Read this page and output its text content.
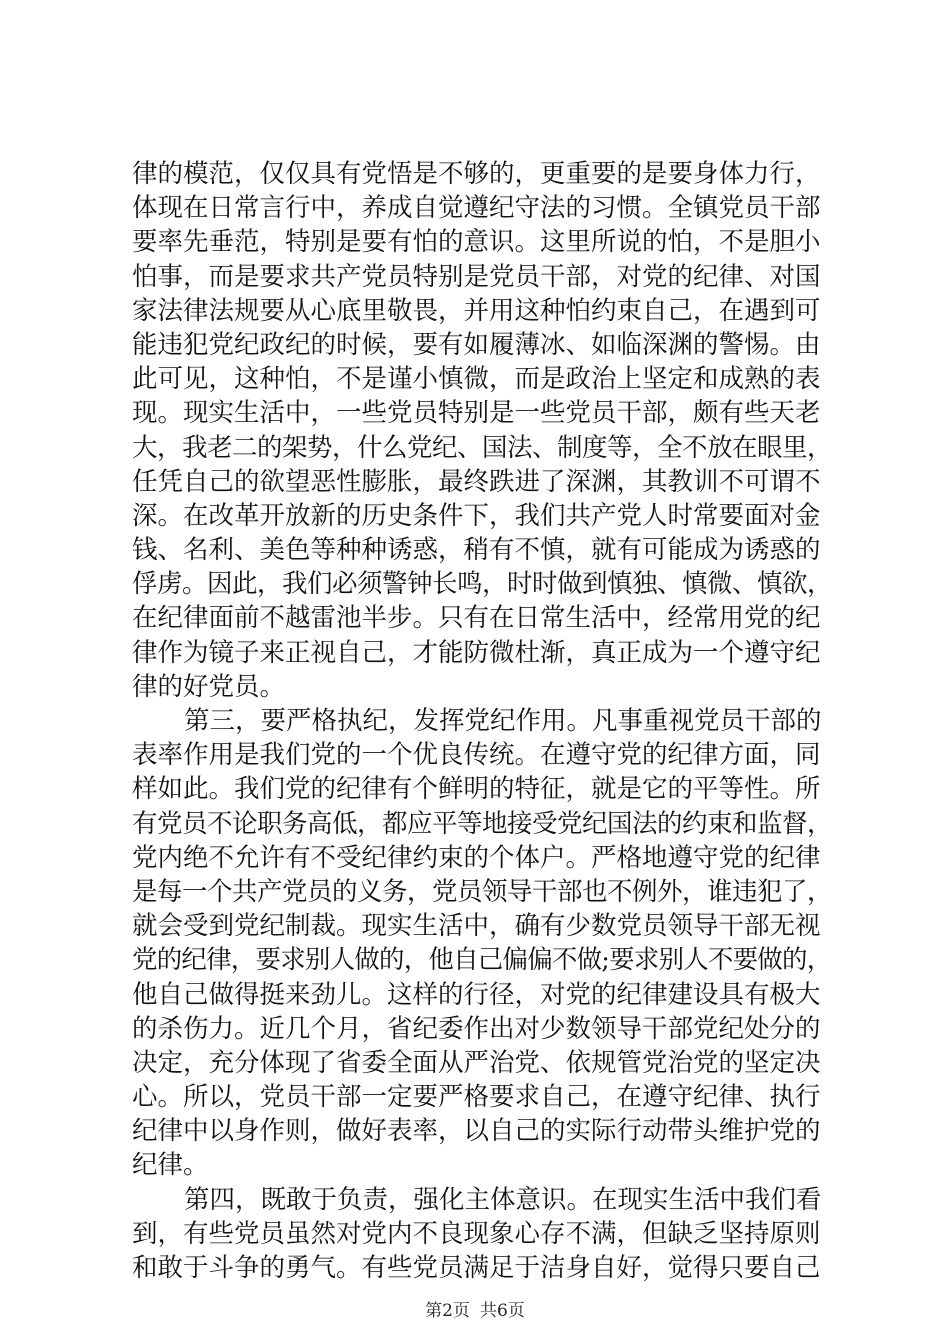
律的模范，仅仅具有党悟是不够的，更重要的是要身体力行，
体现在日常言行中，养成自觉遵纪守法的习惯。全镇党员干部
要率先垂范，特别是要有怕的意识。这里所说的怕，不是胆小
怕事，而是要求共产党员特别是党员干部，对党的纪律、对国
家法律法规要从心底里敬畏，并用这种怕约束自己，在遇到可
能违犯党纪政纪的时候，要有如履薄冰、如临深渊的警惕。由
此可见，这种怕，不是谨小慎微，而是政治上坚定和成熟的表
现。现实生活中，一些党员特别是一些党员干部，颇有些天老
大，我老二的架势，什么党纪、国法、制度等，全不放在眼里，
任凭自己的欲望恶性膨胀，最终跌进了深渊，其教训不可谓不
深。在改革开放新的历史条件下，我们共产党人时常要面对金
钱、名利、美色等种种诱惑，稍有不慎，就有可能成为诱惑的
俘虏。因此，我们必须警钟长鸣，时时做到慎独、慎微、慎欲，
在纪律面前不越雷池半步。只有在日常生活中，经常用党的纪
律作为镜子来正视自己，才能防微杜渐，真正成为一个遵守纪
律的好党员。
第三，要严格执纪，发挥党纪作用。凡事重视党员干部的
表率作用是我们党的一个优良传统。在遵守党的纪律方面，同
样如此。我们党的纪律有个鲜明的特征，就是它的平等性。所
有党员不论职务高低，都应平等地接受党纪国法的约束和监督，
党内绝不允许有不受纪律约束的个体户。严格地遵守党的纪律
是每一个共产党员的义务，党员领导干部也不例外，谁违犯了，
就会受到党纪制裁。现实生活中，确有少数党员领导干部无视
党的纪律，要求别人做的，他自己偏偏不做;要求别人不要做的，
他自己做得挺来劲儿。这样的行径，对党的纪律建设具有极大
的杀伤力。近几个月，省纪委作出对少数领导干部党纪处分的
决定，充分体现了省委全面从严治党、依规管党治党的坚定决
心。所以，党员干部一定要严格要求自己，在遵守纪律、执行
纪律中以身作则，做好表率，以自己的实际行动带头维护党的
纪律。
第四，既敢于负责，强化主体意识。在现实生活中我们看
到，有些党员虽然对党内不良现象心存不满，但缺乏坚持原则
和敢于斗争的勇气。有些党员满足于洁身自好，觉得只要自己
第2页 共6页
